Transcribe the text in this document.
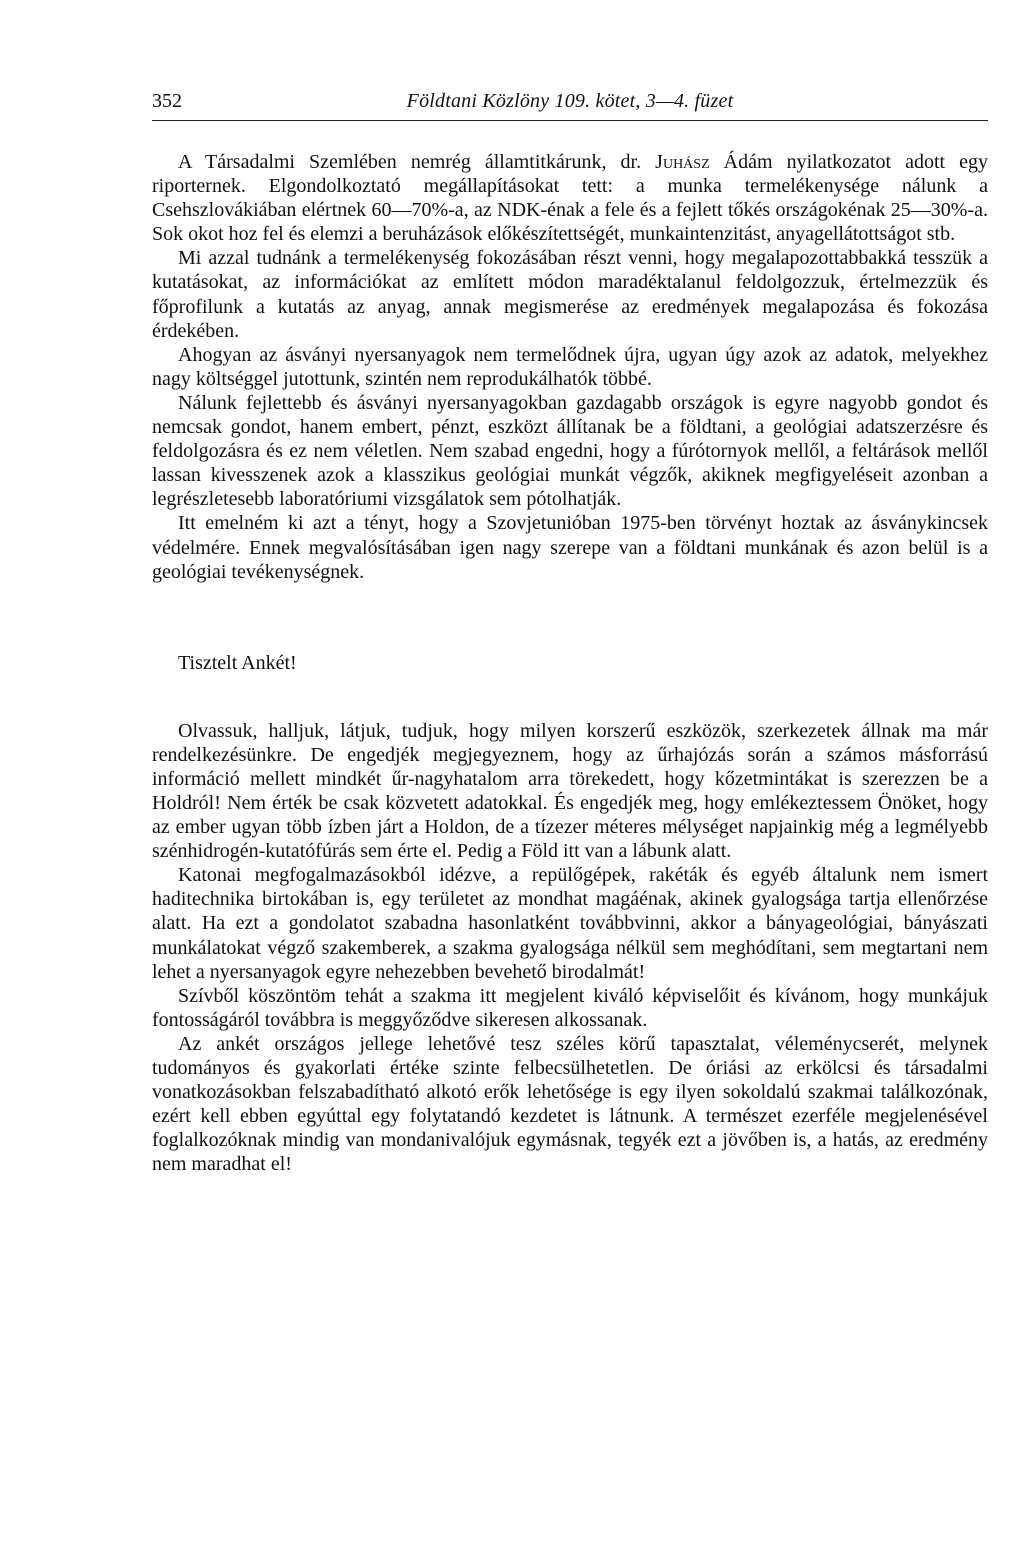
352	Földtani Közlöny 109. kötet, 3—4. füzet

A Társadalmi Szemlében nemrég államtitkárunk, dr. Juhász Ádám nyilatkozatot adott egy riporternek. Elgondolkoztató megállapításokat tett: a munka termelékenysége nálunk a Csehszlovákiában elértnek 60—70%-a, az NDK-énak a fele és a fejlett tőkés országokénak 25—30%-a. Sok okot hoz fel és elemzi a beruházások előkészítettségét, munkaintenzitást, anyagellátottságot stb.

Mi azzal tudnánk a termelékenység fokozásában részt venni, hogy megalapozottabbakká tesszük a kutatásokat, az információkat az említett módon maradéktalanul feldolgozzuk, értelmezzük és főprofilunk a kutatás az anyag, annak megismerése az eredmények megalapozása és fokozása érdekében.

Ahogyan az ásványi nyersanyagok nem termelődnek újra, ugyan úgy azok az adatok, melyekhez nagy költséggel jutottunk, szintén nem reprodukálhatók többé.

Nálunk fejlettebb és ásványi nyersanyagokban gazdagabb országok is egyre nagyobb gondot és nemcsak gondot, hanem embert, pénzt, eszközt állítanak be a földtani, a geológiai adatszerzésre és feldolgozásra és ez nem véletlen. Nem szabad engedni, hogy a fúrótornyok mellől, a feltárások mellől lassan kivesszenek azok a klasszikus geológiai munkát végzők, akiknek megfigyeléseit azonban a legrészletesebb laboratóriumi vizsgálatok sem pótolhatják.

Itt emelném ki azt a tényt, hogy a Szovjetunióban 1975-ben törvényt hoztak az ásványkincsek védelmére. Ennek megvalósításában igen nagy szerepe van a földtani munkának és azon belül is a geológiai tevékenységnek.

Tisztelt Ankét!

Olvassuk, halljuk, látjuk, tudjuk, hogy milyen korszerű eszközök, szerkezetek állnak ma már rendelkezésünkre. De engedjék megjegyeznem, hogy az űrhajózás során a számos másforrású információ mellett mindkét űr-nagyhatalom arra törekedett, hogy kőzetmintákat is szerezzen be a Holdról! Nem érték be csak közvetett adatokkal. És engedjék meg, hogy emlékeztessem Önöket, hogy az ember ugyan több ízben járt a Holdon, de a tízezer méteres mélységet napjainkig még a legmélyebb szénhidrogén-kutatófúrás sem érte el. Pedig a Föld itt van a lábunk alatt.

Katonai megfogalmazásokból idézve, a repülőgépek, rakéták és egyéb általunk nem ismert haditechnika birtokában is, egy területet az mondhat magáénak, akinek gyalogsága tartja ellenőrzése alatt. Ha ezt a gondolatot szabadna hasonlatként továbbvinni, akkor a bányageológiai, bányászati munkálatokat végző szakemberek, a szakma gyalogsága nélkül sem meghódítani, sem megtartani nem lehet a nyersanyagok egyre nehezebben bevehető birodalmát!

Szívből köszöntöm tehát a szakma itt megjelent kiváló képviselőit és kívánom, hogy munkájuk fontosságáról továbbra is meggyőződve sikeresen alkossanak.

Az ankét országos jellege lehetővé tesz széles körű tapasztalat, véleménycserét, melynek tudományos és gyakorlati értéke szinte felbecsülhetetlen. De óriási az erkölcsi és társadalmi vonatkozásokban felszabadítható alkotó erők lehetősége is egy ilyen sokoldalú szakmai találkozónak, ezért kell ebben egyúttal egy folytatandó kezdetet is látnunk. A természet ezerféle megjelenésével foglalkozóknak mindig van mondanivalójuk egymásnak, tegyék ezt a jövőben is, a hatás, az eredmény nem maradhat el!
